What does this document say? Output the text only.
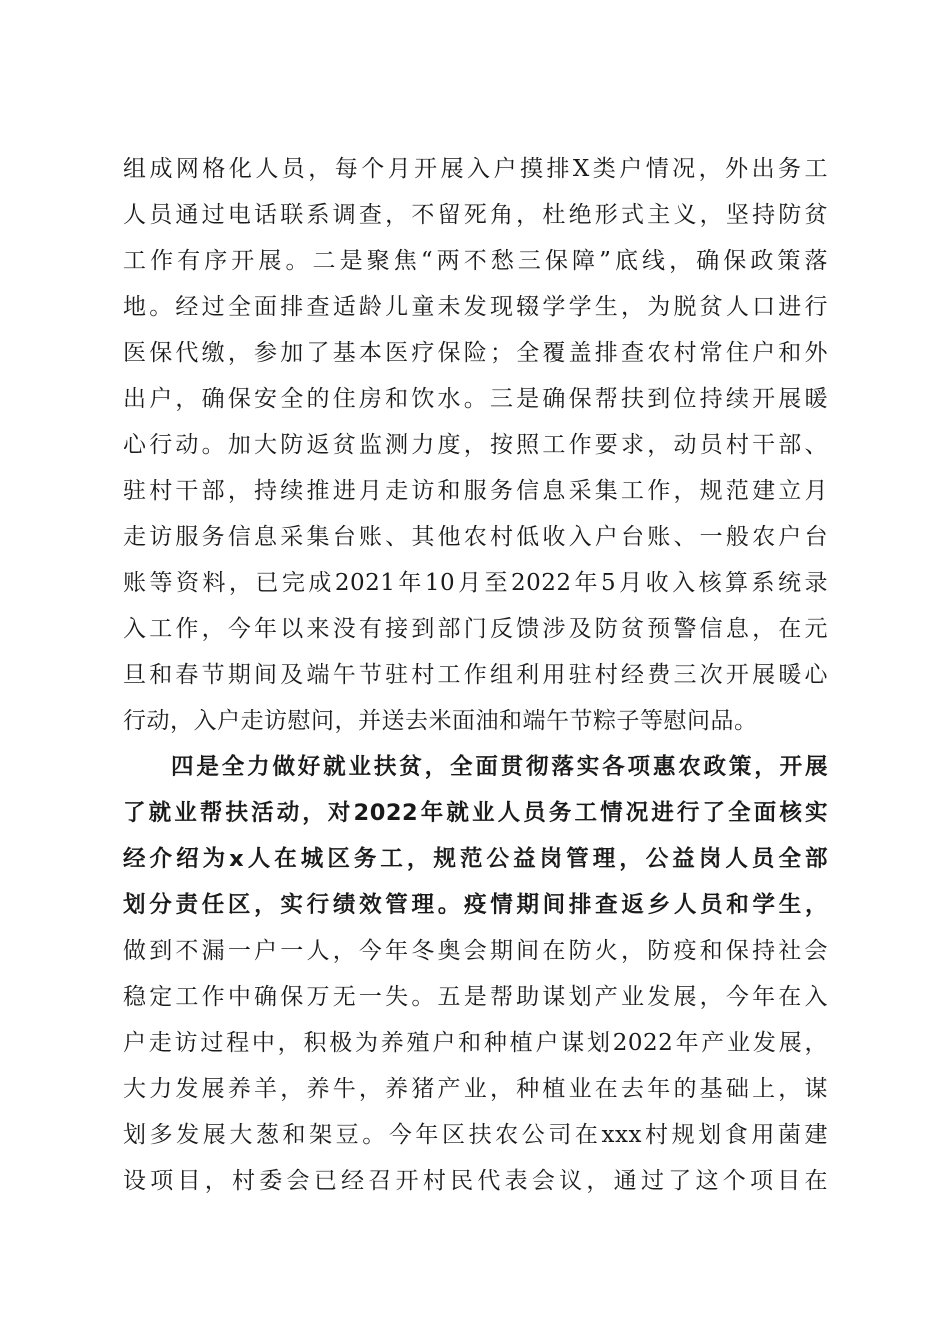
组成网格化人员，每个月开展入户摸排X类户情况，外出务工
人员通过电话联系调查，不留死角，杜绝形式主义，坚持防贫
工作有序开展。二是聚焦“两不愁三保障”底线，确保政策落
地。经过全面排查适龄儿童未发现辍学学生，为脱贫人口进行
医保代缴，参加了基本医疗保险；全覆盖排查农村常住户和外
出户，确保安全的住房和饮水。三是确保帮扶到位持续开展暖
心行动。加大防返贫监测力度，按照工作要求，动员村干部、
驻村干部，持续推进月走访和服务信息采集工作，规范建立月
走访服务信息采集台账、其他农村低收入户台账、一般农户台
账等资料，已完成2021年10月至2022年5月收入核算系统录
入工作，今年以来没有接到部门反馈涉及防贫预警信息，在元
旦和春节期间及端午节驻村工作组利用驻村经费三次开展暖心
行动，入户走访慰问，并送去米面油和端午节粽子等慰问品。
四是全力做好就业扶贫，全面贯彻落实各项惠农政策，开展
了就业帮扶活动，对2022年就业人员务工情况进行了全面核实
经介绍为x人在城区务工，规范公益岗管理，公益岗人员全部
划分责任区，实行绩效管理。疫情期间排查返乡人员和学生，
做到不漏一户一人，今年冬奥会期间在防火，防疫和保持社会
稳定工作中确保万无一失。五是帮助谋划产业发展，今年在入
户走访过程中，积极为养殖户和种植户谋划2022年产业发展，
大力发展养羊，养牛，养猪产业，种植业在去年的基础上，谋
划多发展大葱和架豆。今年区扶农公司在xxx村规划食用菌建
设项目，村委会已经召开村民代表会议，通过了这个项目在
